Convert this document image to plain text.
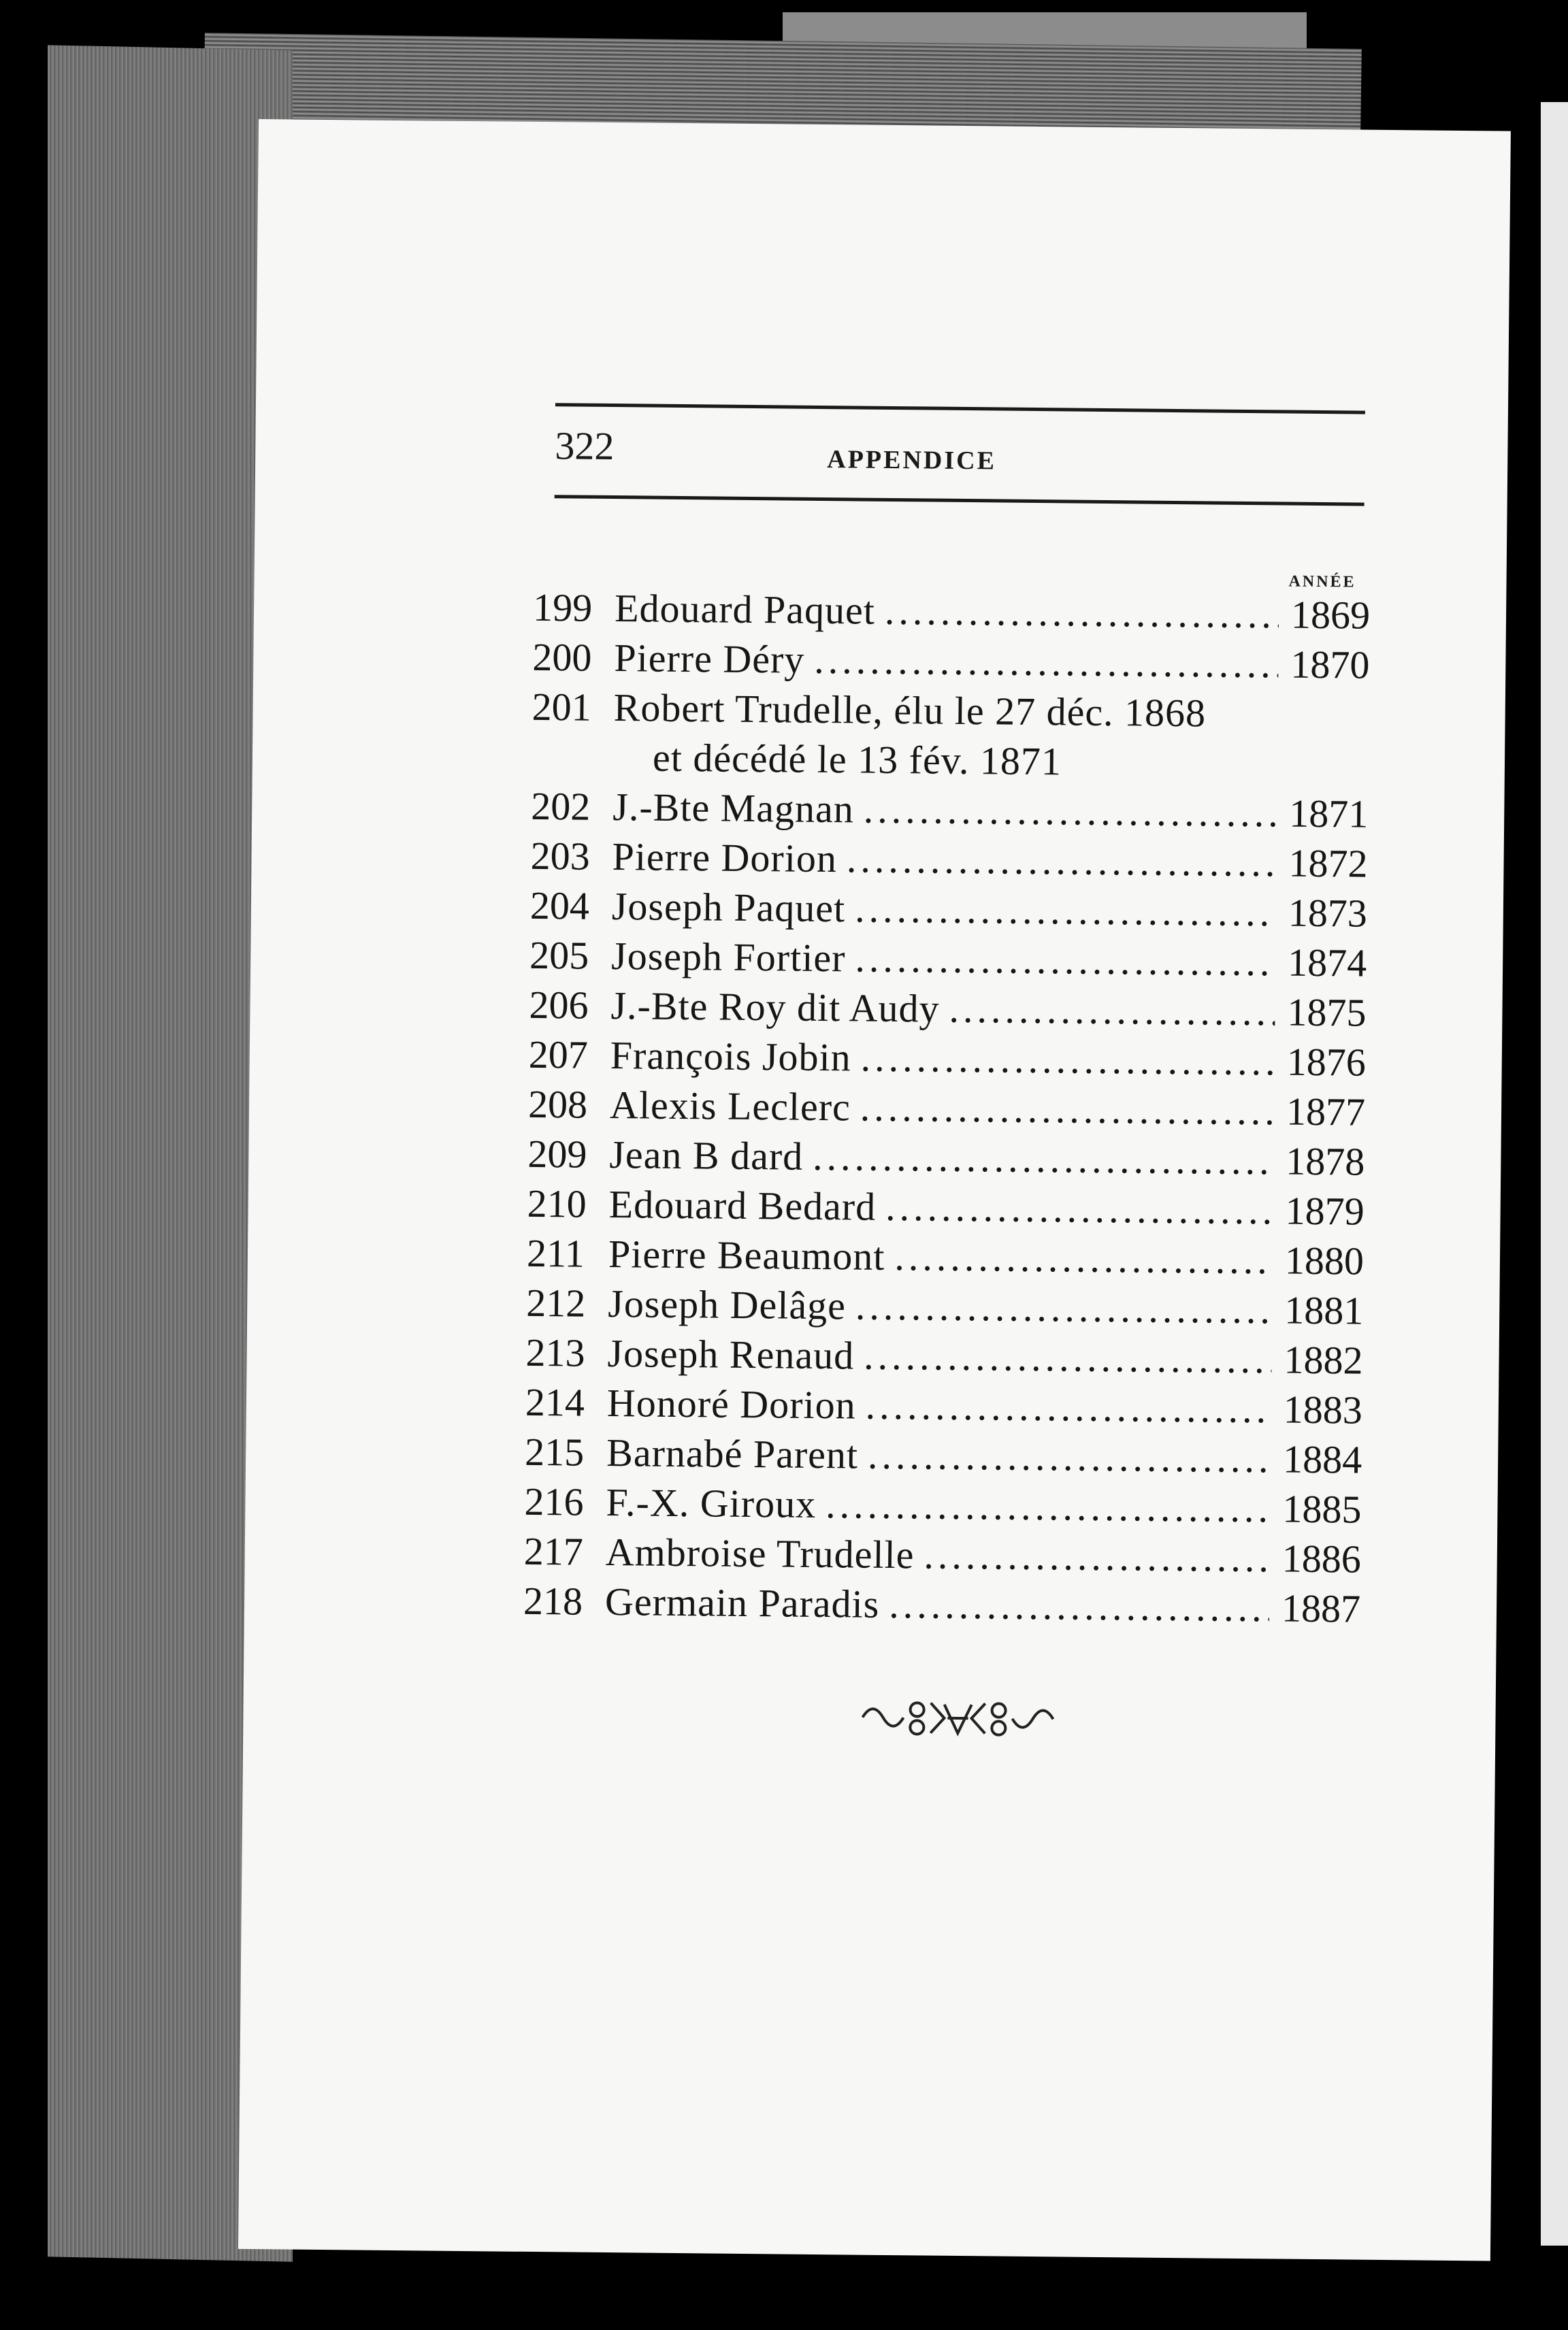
322	APPENDICE
ANNÉE
199 Edouard Paquet .....	1869
200 Pierre Déry .....	1870
201 Robert Trudelle, élu le 27 déc. 1868
et décédé le 13 fév. 1871
202 J.-Bte Magnan .....	1871
203 Pierre Dorion .....	1872
204 Joseph Paquet .....	1873
205 Joseph Fortier .....	1874
206 J.-Bte Roy dit Audy .....	1875
207 François Jobin .....	1876
208 Alexis Leclerc .....	1877
209 Jean B dard .....	1878
210 Edouard Bedard .....	1879
211 Pierre Beaumont .....	1880
212 Joseph Delâge .....	1881
213 Joseph Renaud .....	1882
214 Honoré Dorion .....	1883
215 Barnabé Parent .....	1884
216 F.-X. Giroux .....	1885
217 Ambroise Trudelle .....	1886
218 Germain Paradis .....	1887
